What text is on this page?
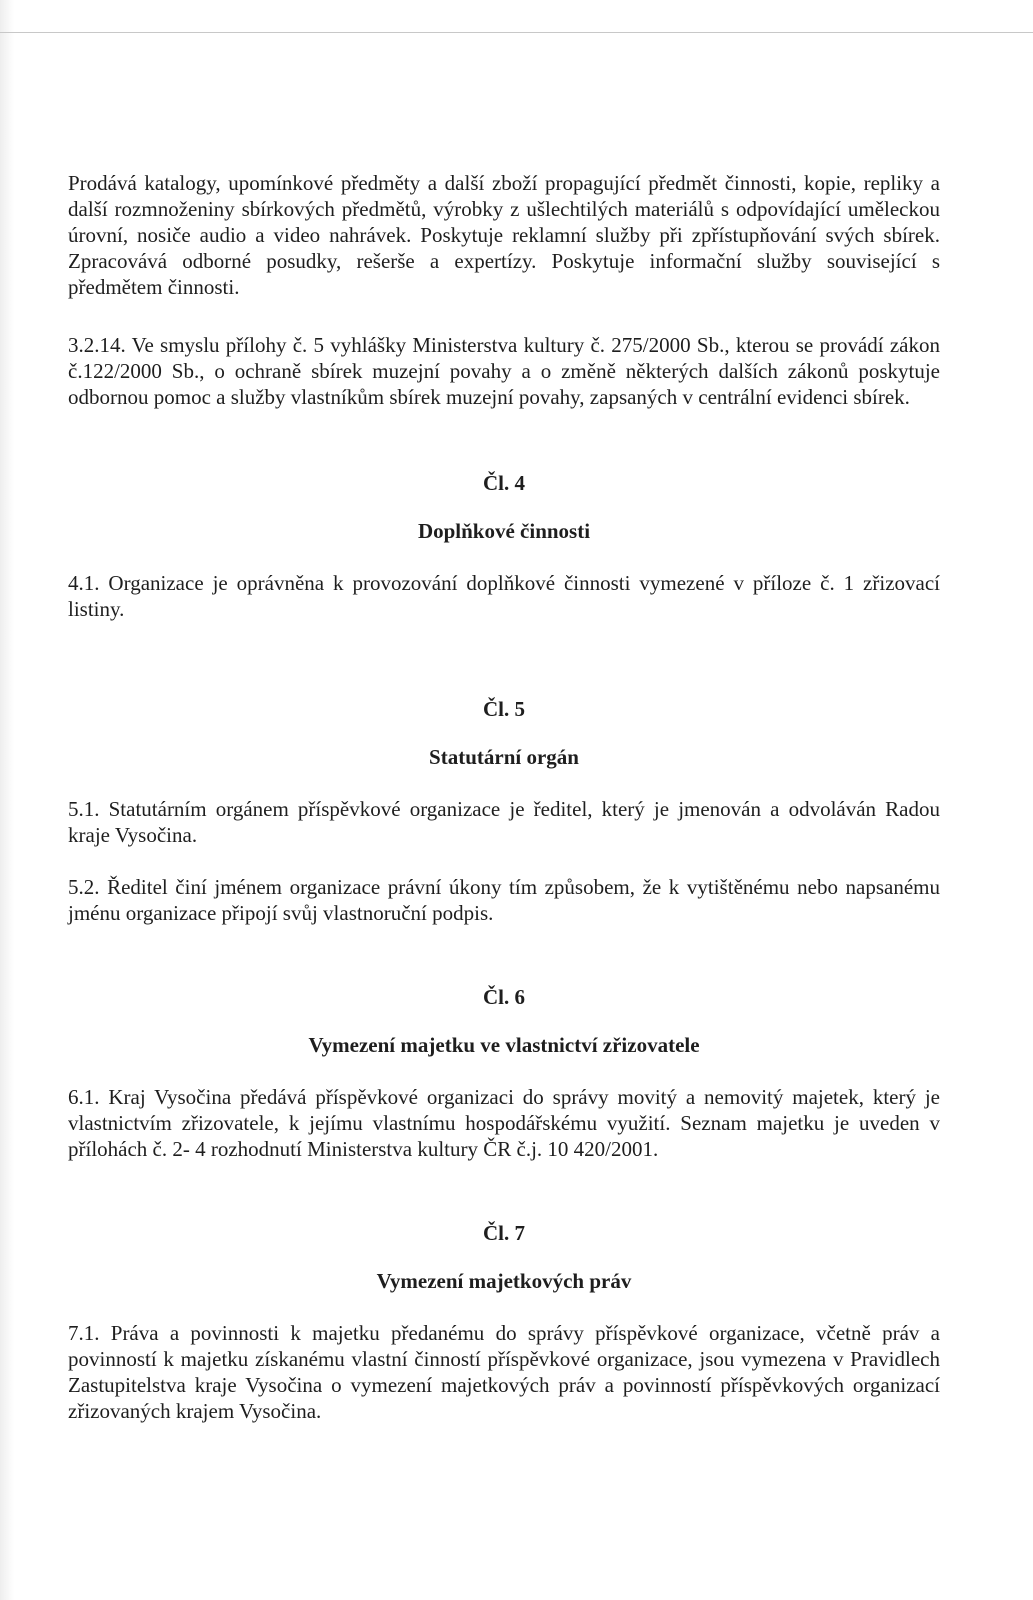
Prodává katalogy, upomínkové předměty a další zboží propagující předmět činnosti, kopie, repliky a další rozmnoženiny sbírkových předmětů, výrobky z ušlechtilých materiálů s odpovídající uměleckou úrovní, nosiče audio a video nahrávek. Poskytuje reklamní služby při zpřístupňování svých sbírek. Zpracovává odborné posudky, rešerše a expertízy. Poskytuje informační služby související s předmětem činnosti.

3.2.14. Ve smyslu přílohy č. 5 vyhlášky Ministerstva kultury č. 275/2000 Sb., kterou se provádí zákon č.122/2000 Sb., o ochraně sbírek muzejní povahy a o změně některých dalších zákonů poskytuje odbornou pomoc a služby vlastníkům sbírek muzejní povahy, zapsaných v centrální evidenci sbírek.

Čl. 4

Doplňkové činnosti

4.1. Organizace je oprávněna k provozování doplňkové činnosti vymezené v příloze č. 1 zřizovací listiny.

Čl. 5

Statutární orgán

5.1. Statutárním orgánem příspěvkové organizace je ředitel, který je jmenován a odvoláván Radou kraje Vysočina.

5.2. Ředitel činí jménem organizace právní úkony tím způsobem, že k vytištěnému nebo napsanému jménu organizace připojí svůj vlastnoruční podpis.

Čl. 6

Vymezení majetku ve vlastnictví zřizovatele

6.1. Kraj Vysočina předává příspěvkové organizaci do správy movitý a nemovitý majetek, který je vlastnictvím zřizovatele, k jejímu vlastnímu hospodářskému využití. Seznam majetku je uveden v přílohách č. 2- 4 rozhodnutí Ministerstva kultury ČR č.j. 10 420/2001.

Čl. 7

Vymezení majetkových práv

7.1. Práva a povinnosti k majetku předanému do správy příspěvkové organizace, včetně práv a povinností k majetku získanému vlastní činností příspěvkové organizace, jsou vymezena v Pravidlech Zastupitelstva kraje Vysočina o vymezení majetkových práv a povinností příspěvkových organizací zřizovaných krajem Vysočina.
